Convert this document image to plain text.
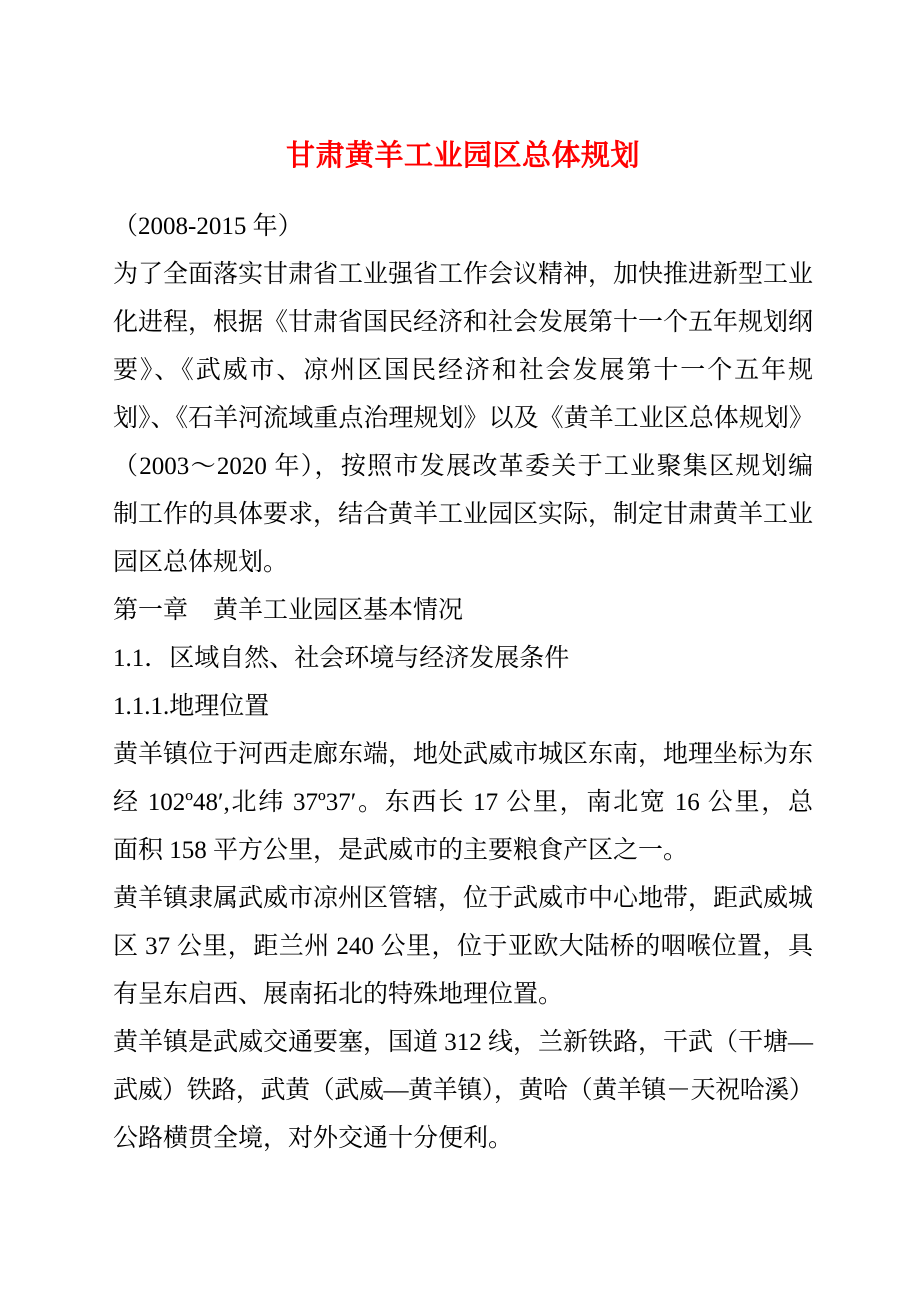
甘肃黄羊工业园区总体规划
（2008-2015 年）
为了全面落实甘肃省工业强省工作会议精神，加快推进新型工业
化进程，根据《甘肃省国民经济和社会发展第十一个五年规划纲
要》、《武威市、凉州区国民经济和社会发展第十一个五年规
划》、《石羊河流域重点治理规划》以及《黄羊工业区总体规划》
（2003～2020 年），按照市发展改革委关于工业聚集区规划编
制工作的具体要求，结合黄羊工业园区实际，制定甘肃黄羊工业
园区总体规划。
第一章　黄羊工业园区基本情况
1.1．区域自然、社会环境与经济发展条件
1.1.1.地理位置
黄羊镇位于河西走廊东端，地处武威市城区东南，地理坐标为东
经 102º48′,北纬 37º37′。东西长 17 公里，南北宽 16 公里，总
面积 158 平方公里，是武威市的主要粮食产区之一。
黄羊镇隶属武威市凉州区管辖，位于武威市中心地带，距武威城
区 37 公里，距兰州 240 公里，位于亚欧大陆桥的咽喉位置，具
有呈东启西、展南拓北的特殊地理位置。
黄羊镇是武威交通要塞，国道 312 线，兰新铁路，干武（干塘—
武威）铁路，武黄（武威—黄羊镇），黄哈（黄羊镇－天祝哈溪）
公路横贯全境，对外交通十分便利。
